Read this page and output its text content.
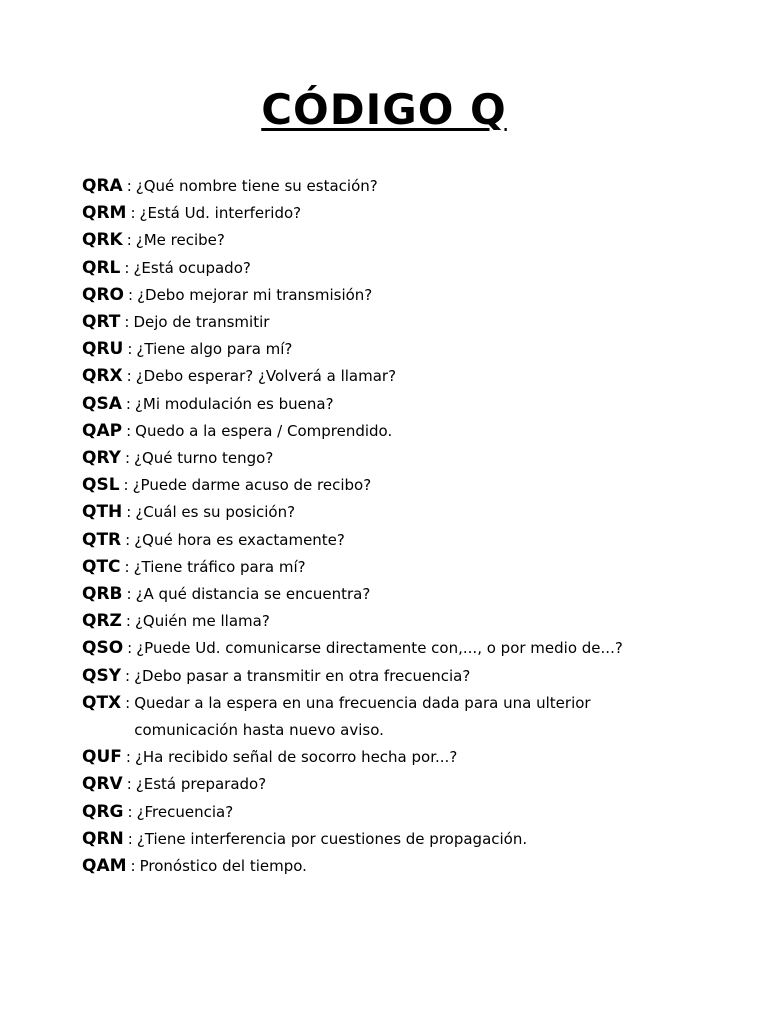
CÓDIGO Q
QRA : ¿Qué nombre tiene su estación?
QRM : ¿Está Ud. interferido?
QRK : ¿Me recibe?
QRL : ¿Está ocupado?
QRO : ¿Debo mejorar mi transmisión?
QRT : Dejo de transmitir
QRU : ¿Tiene algo para mí?
QRX : ¿Debo esperar? ¿Volverá a llamar?
QSA : ¿Mi modulación es buena?
QAP : Quedo a la espera / Comprendido.
QRY : ¿Qué turno tengo?
QSL : ¿Puede darme acuso de recibo?
QTH : ¿Cuál es su posición?
QTR : ¿Qué hora es exactamente?
QTC : ¿Tiene tráfico para mí?
QRB : ¿A qué distancia se encuentra?
QRZ : ¿Quién me llama?
QSO : ¿Puede Ud. comunicarse directamente con,..., o por medio de...?
QSY : ¿Debo pasar a transmitir en otra frecuencia?
QTX : Quedar a la espera en una frecuencia dada para una ulterior comunicación hasta nuevo aviso.
QUF : ¿Ha recibido señal de socorro hecha por...?
QRV : ¿Está preparado?
QRG : ¿Frecuencia?
QRN : ¿Tiene interferencia por cuestiones de propagación.
QAM : Pronóstico del tiempo.
